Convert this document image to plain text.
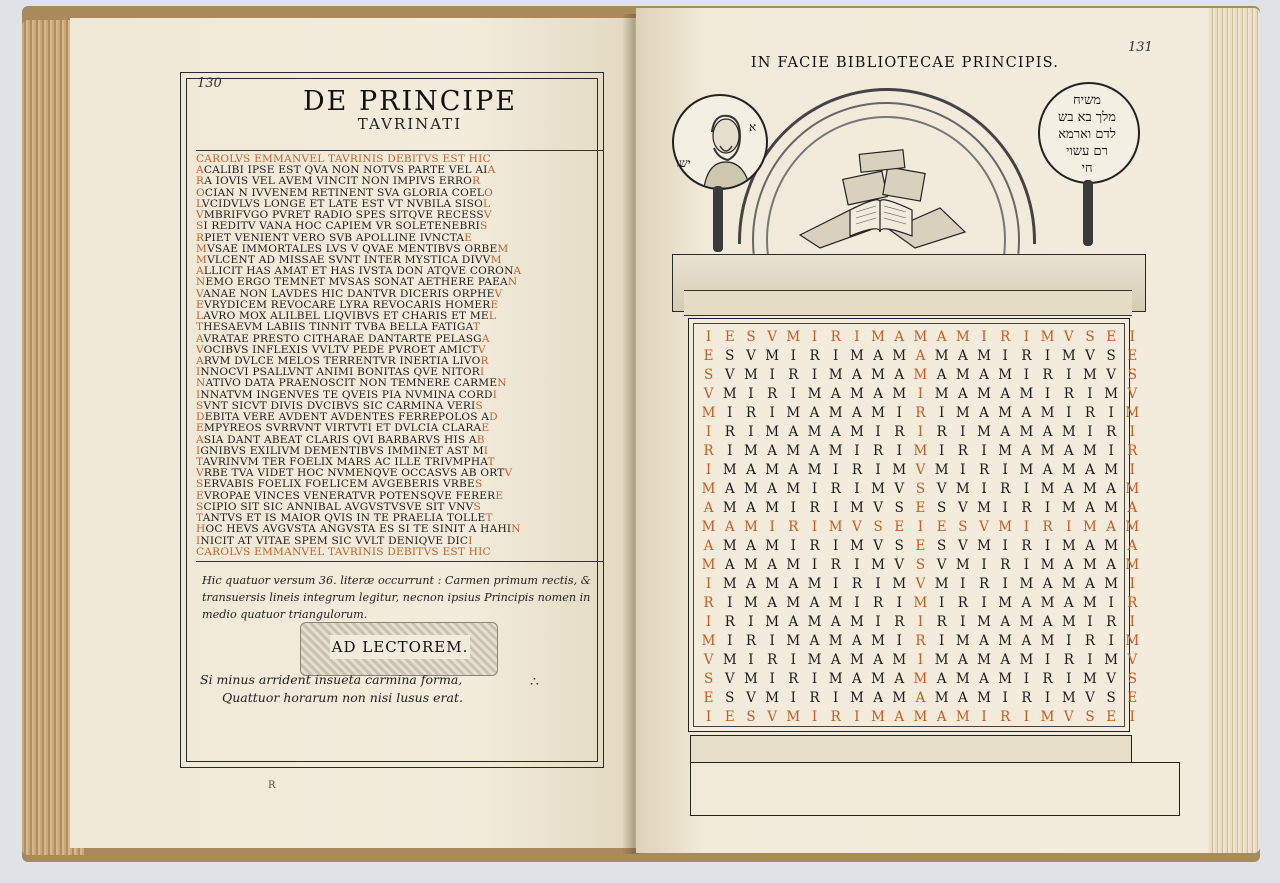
130
DE PRINCIPE
TAVRINATI
CAROLVS EMMANVEL TAVRINIS DEBITVS EST HIC
ACALIBI IPSE EST QVA NON NOTVS PARTE VEL AIA
RA IOVIS VEL AVEM VINCIT NON IMPIVS ERROR
OCIAN N IVVENEM RETINENT SVA GLORIA COELO
LVCIDVLVS LONGE ET LATE EST VT NVBILA SISOL
VMBRIFVGO PVRET RADIO SPES SITQVE RECESSV
SI REDITV VANA HOC CAPIEM VR SOLETENEBRIS
RPIET VENIENT VERO SVB APOLLINE IVNCTAE
MVSAE IMMORTALES LVS V QVAE MENTIBVS ORBEM
MVLCENT AD MISSAE SVNT INTER MYSTICA DIVVM
ALLICIT HAS AMAT ET HAS IVSTA DON ATQVE CORONA
NEMO ERGO TEMNET MVSAS SONAT AETHERE PAEAN
VANAE NON LAVDES HIC DANTVR DICERIS ORPHEV
EVRYDICEM REVOCARE LYRA REVOCARIS HOMERE
LAVRO MOX ALILBEL LIQVIBVS ET CHARIS ET MEL
THESAEVM LABIIS TINNIT TVBA BELLA FATIGAT
AVRATAE PRESTO CITHARAE DANTARTE PELASGA
VOCIBVS INFLEXIS VVLTV PEDE PVROET AMICTV
ARVM DVLCE MELOS TERRENTVR INERTIA LIVOR
INNOCVI PSALLVNT ANIMI BONITAS QVE NITORI
NATIVO DATA PRAENOSCIT NON TEMNERE CARMEN
INNATVM INGENVES TE QVEIS PIA NVMINA CORDI
SVNT SICVT DIVIS DVCIBVS SIC CARMINA VERIS
DEBITA VERE AVDENT AVDENTES FERREPOLOS AD
EMPYREOS SVRRVNT VIRTVTI ET DVLCIA CLARAE
ASIA DANT ABEAT CLARIS QVI BARBARVS HIS AB
IGNIBVS EXILIVM DEMENTIBVS IMMINET AST MI
TAVRINVM TER FOELIX MARS AC ILLE TRIVMPHAT
VRBE TVA VIDET HOC NVMENQVE OCCASVS AB ORTV
SERVABIS FOELIX FOELICEM AVGEBERIS VRBES
EVROPAE VINCES VENERATVR POTENSQVE FERERE
SCIPIO SIT SIC ANNIBAL AVGVSTVSVE SIT VNVS
TANTVS ET IS MAIOR QVIS IN TE PRAELIA TOLLET
HOC HEVS AVGVSTA ANGVSTA ES SI TE SINIT A HAHIN
INICIT AT VITAE SPEM SIC VVLT DENIQVE DICI
CAROLVS EMMANVEL TAVRINIS DEBITVS EST HIC
Hic quatuor versum 36. literæ occurrunt : Carmen primum rectis, & transuersis lineis integrum legitur, necnon ipsius Principis nomen in medio quatuor triangulorum.
AD LECTOREM.
Si minus arrident insueta carmina forma,
Quattuor horarum non nisi lusus erat.
∴
R
131
IN FACIE BIBLIOTECAE PRINCIPIS.
א
ישו
משיח
מלך בא בש
לדם וארמא
רם עשוי
חי
I E S V M I R I M A M A M I R I M V S E I
E S V M I R I M A M A M A M I R I M V S E
S V M I R I M A M A M A M A M I R I M V S
V M I R I M A M A M I M A M A M I R I M V
M I R I M A M A M I R I M A M A M I R I M
I R I M A M A M I R I R I M A M A M I R I
R I M A M A M I R I M I R I M A M A M I R
I M A M A M I R I M V M I R I M A M A M I
M A M A M I R I M V S V M I R I M A M A M
A M A M I R I M V S E S V M I R I M A M A
M A M I R I M V S E I E S V M I R I M A M
A M A M I R I M V S E S V M I R I M A M A
M A M A M I R I M V S V M I R I M A M A M
I M A M A M I R I M V M I R I M A M A M I
R I M A M A M I R I M I R I M A M A M I R
I R I M A M A M I R I R I M A M A M I R I
M I R I M A M A M I R I M A M A M I R I M
V M I R I M A M A M I M A M A M I R I M V
S V M I R I M A M A M A M A M I R I M V S
E S V M I R I M A M A M A M I R I M V S E
I E S V M I R I M A M A M I R I M V S E I
